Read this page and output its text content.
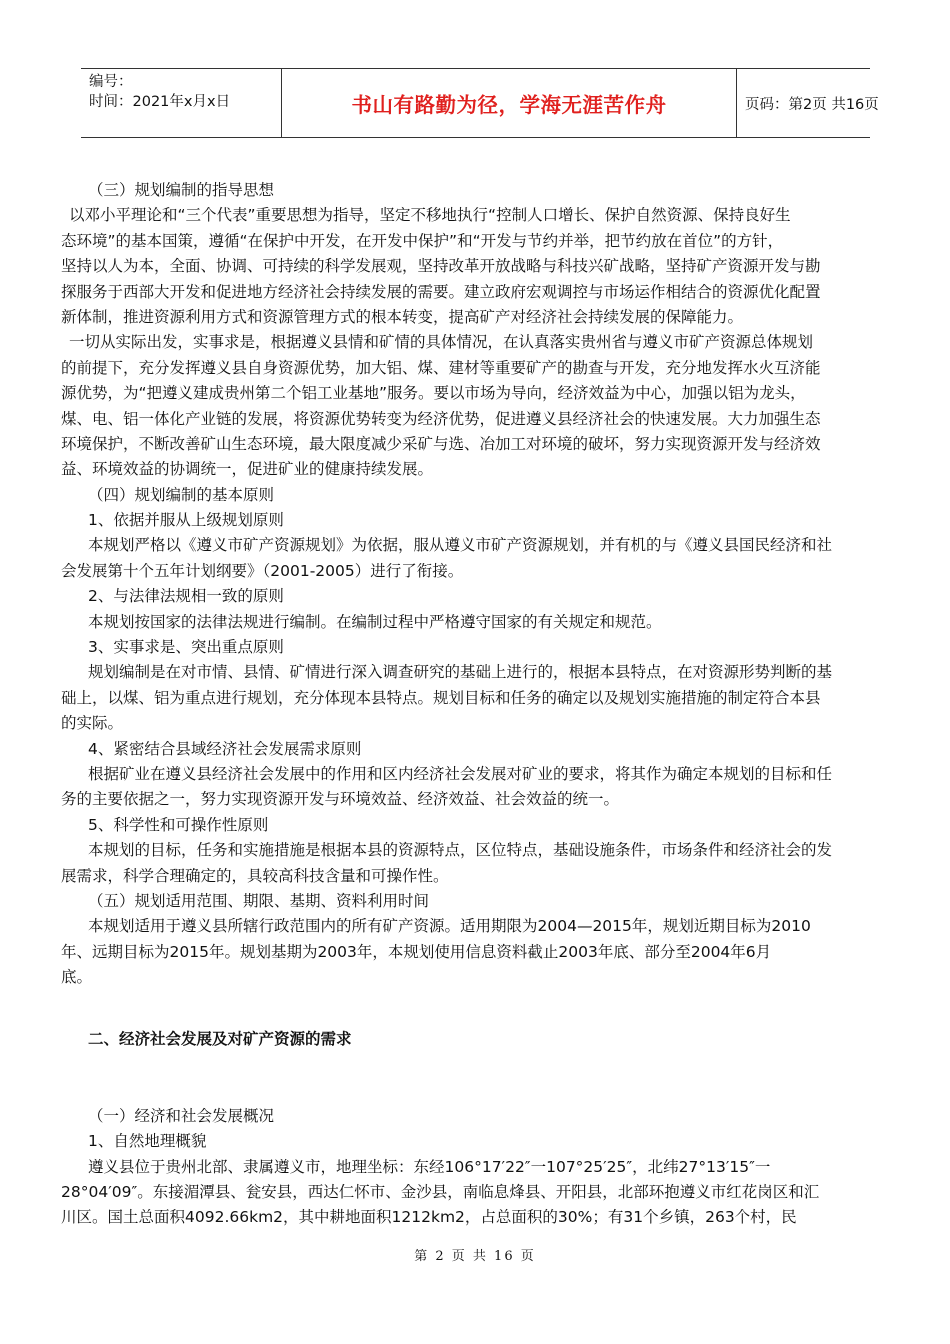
编号：
时间：2021年x月x日	书山有路勤为径，学海无涯苦作舟	页码：第2页 共16页
（三）规划编制的指导思想
以邓小平理论和“三个代表”重要思想为指导，坚定不移地执行“控制人口增长、保护自然资源、保持良好生
态环境”的基本国策，遵循“在保护中开发，在开发中保护”和“开发与节约并举，把节约放在首位”的方针，
坚持以人为本，全面、协调、可持续的科学发展观，坚持改革开放战略与科技兴矿战略，坚持矿产资源开发与勘
探服务于西部大开发和促进地方经济社会持续发展的需要。建立政府宏观调控与市场运作相结合的资源优化配置
新体制，推进资源利用方式和资源管理方式的根本转变，提高矿产对经济社会持续发展的保障能力。
一切从实际出发，实事求是，根据遵义县情和矿情的具体情况，在认真落实贵州省与遵义市矿产资源总体规划
的前提下，充分发挥遵义县自身资源优势，加大铝、煤、建材等重要矿产的勘查与开发，充分地发挥水火互济能
源优势，为“把遵义建成贵州第二个铝工业基地”服务。要以市场为导向，经济效益为中心，加强以铝为龙头，
煤、电、铝一体化产业链的发展，将资源优势转变为经济优势，促进遵义县经济社会的快速发展。大力加强生态
环境保护，不断改善矿山生态环境，最大限度减少采矿与选、冶加工对环境的破坏，努力实现资源开发与经济效
益、环境效益的协调统一，促进矿业的健康持续发展。
（四）规划编制的基本原则
1、依据并服从上级规划原则
本规划严格以《遵义市矿产资源规划》为依据，服从遵义市矿产资源规划，并有机的与《遵义县国民经济和社
会发展第十个五年计划纲要》（2001-2005）进行了衔接。
2、与法律法规相一致的原则
本规划按国家的法律法规进行编制。在编制过程中严格遵守国家的有关规定和规范。
3、实事求是、突出重点原则
规划编制是在对市情、县情、矿情进行深入调查研究的基础上进行的，根据本县特点，在对资源形势判断的基
础上，以煤、铝为重点进行规划，充分体现本县特点。规划目标和任务的确定以及规划实施措施的制定符合本县
的实际。
4、紧密结合县域经济社会发展需求原则
根据矿业在遵义县经济社会发展中的作用和区内经济社会发展对矿业的要求，将其作为确定本规划的目标和任
务的主要依据之一，努力实现资源开发与环境效益、经济效益、社会效益的统一。
5、科学性和可操作性原则
本规划的目标，任务和实施措施是根据本县的资源特点，区位特点，基础设施条件，市场条件和经济社会的发
展需求，科学合理确定的，具较高科技含量和可操作性。
（五）规划适用范围、期限、基期、资料利用时间
本规划适用于遵义县所辖行政范围内的所有矿产资源。适用期限为2004—2015年，规划近期目标为2010
年、远期目标为2015年。规划基期为2003年，本规划使用信息资料截止2003年底、部分至2004年6月
底。
二、经济社会发展及对矿产资源的需求
（一）经济和社会发展概况
1、自然地理概貌
遵义县位于贵州北部、隶属遵义市，地理坐标：东经106°17′22″一107°25′25″，北纬27°13′15″一
28°04′09″。东接湄潭县、瓮安县，西达仁怀市、金沙县，南临息烽县、开阳县，北部环抱遵义市红花岗区和汇
川区。国土总面积4092.66km2，其中耕地面积1212km2，占总面积的30%；有31个乡镇，263个村，民
第 2 页 共 16 页
